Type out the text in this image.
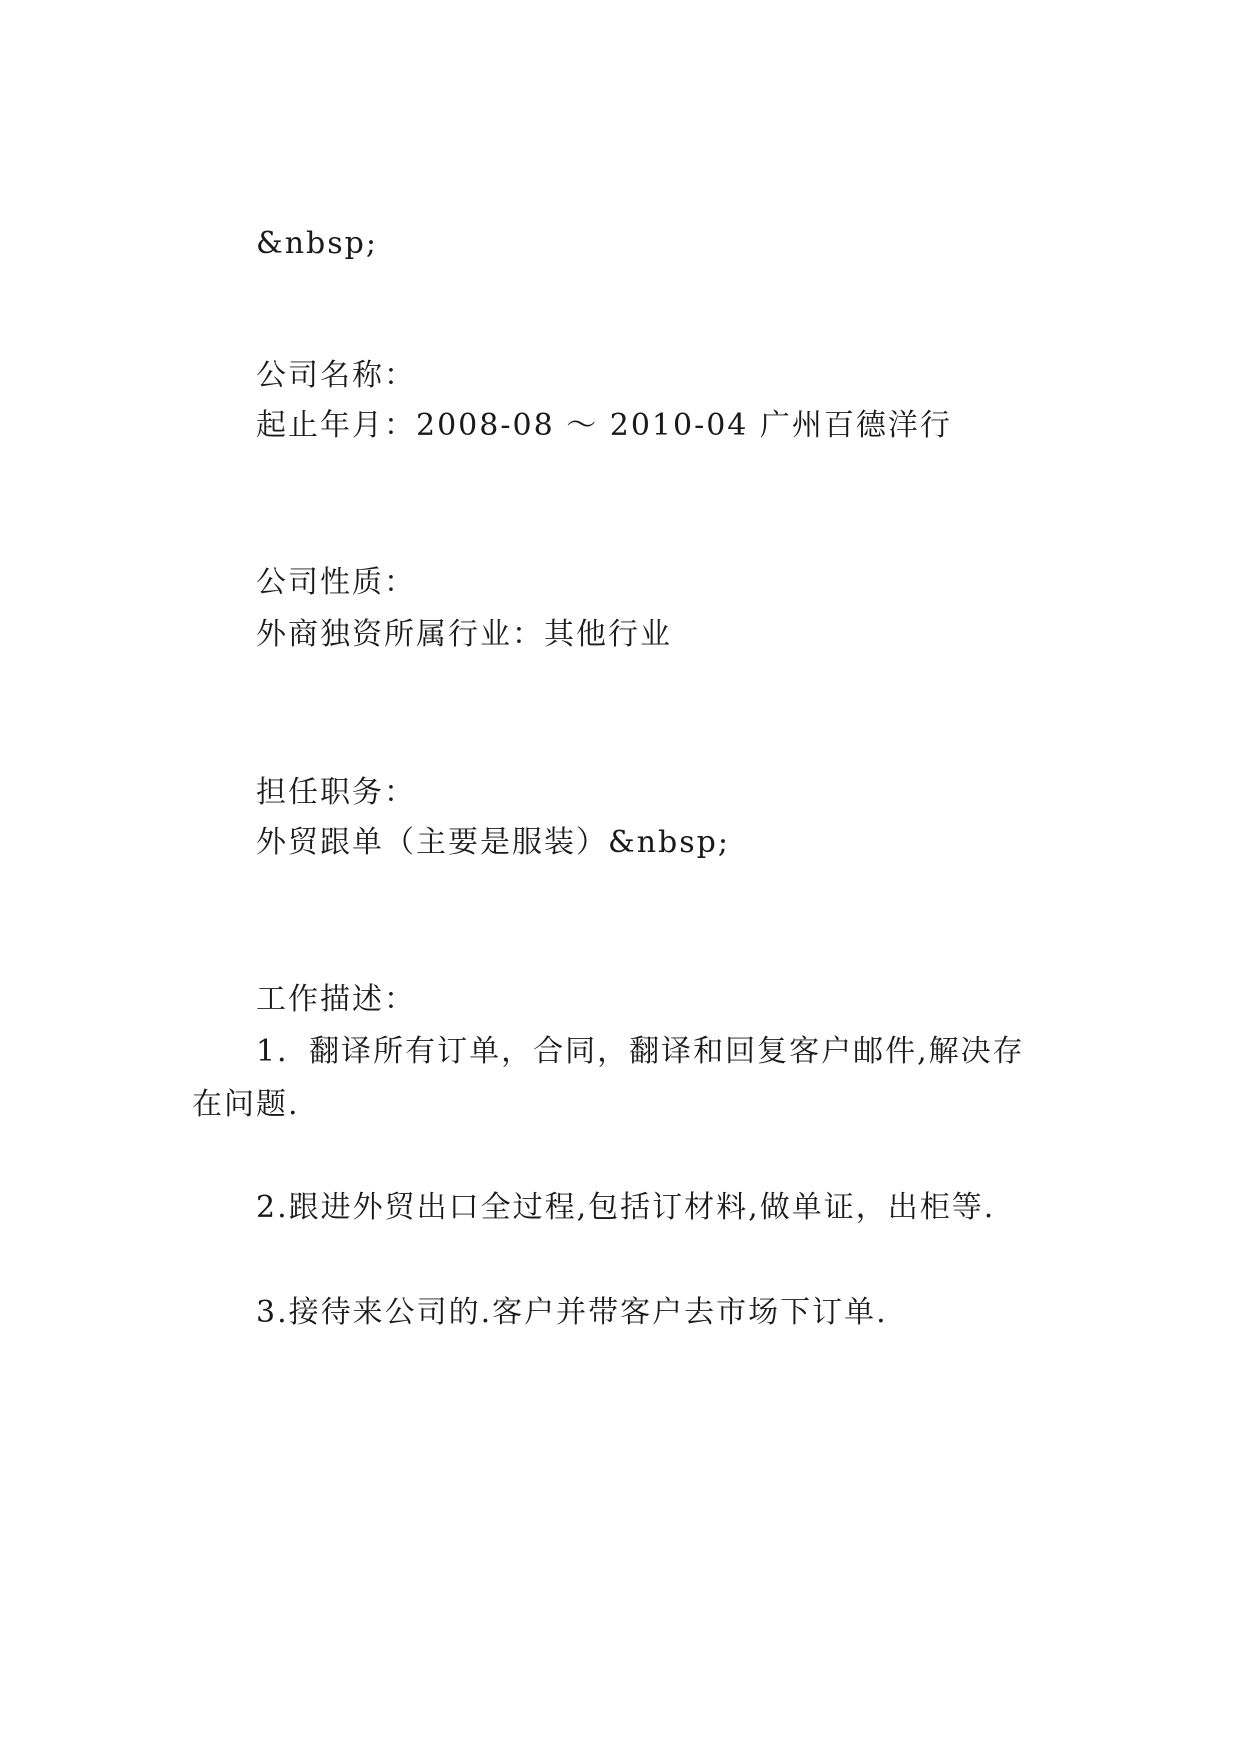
&nbsp;
公司名称：
起止年月：2008-08 ～ 2010-04 广州百德洋行
公司性质：
外商独资所属行业：其他行业
担任职务：
外贸跟单（主要是服装）&nbsp;
工作描述：
1．翻译所有订单，合同，翻译和回复客户邮件,解决存
在问题.
2.跟进外贸出口全过程,包括订材料,做单证，出柜等.
3.接待来公司的.客户并带客户去市场下订单.
